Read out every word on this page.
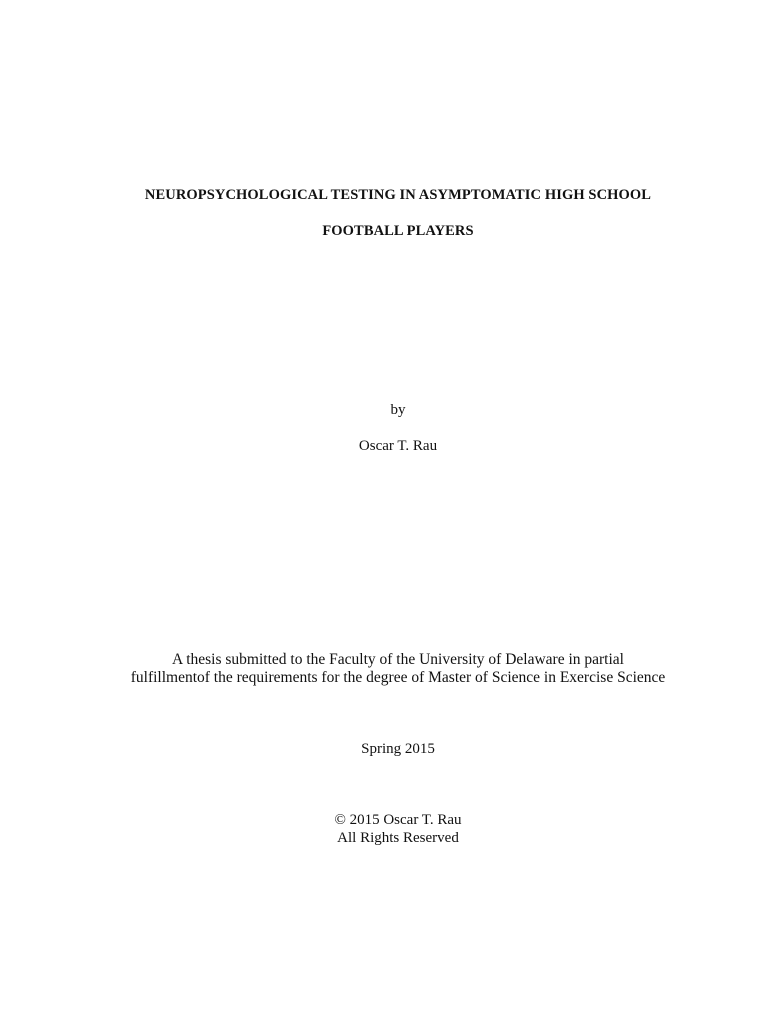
NEUROPSYCHOLOGICAL TESTING IN ASYMPTOMATIC HIGH SCHOOL
FOOTBALL PLAYERS
by
Oscar T. Rau
A thesis submitted to the Faculty of the University of Delaware in partial
fulfillmentof the requirements for the degree of Master of Science in Exercise Science
Spring 2015
© 2015 Oscar T. Rau
All Rights Reserved
